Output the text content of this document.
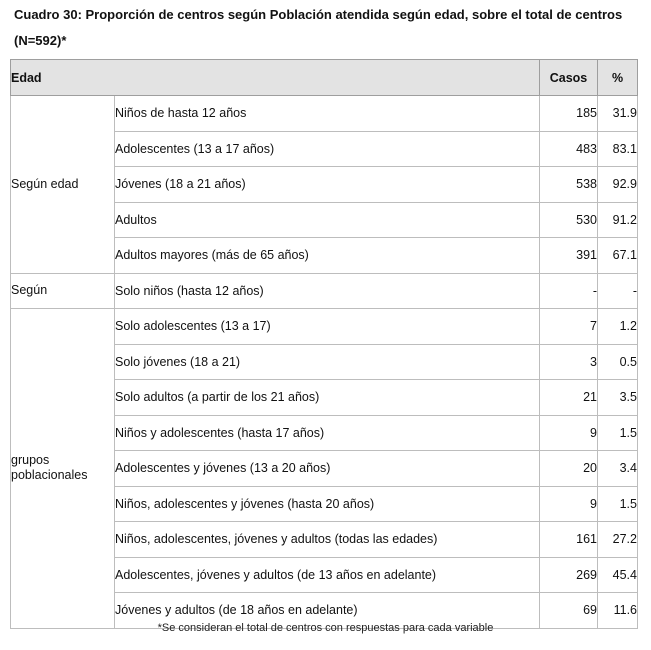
Cuadro 30: Proporción de centros según Población atendida según edad, sobre el total de centros (N=592)*
Edad		Casos	%
Según edad	Niños de hasta 12 años	185	31.9
	Adolescentes (13 a 17 años)	483	83.1
	Jóvenes (18 a 21 años)	538	92.9
	Adultos	530	91.2
	Adultos mayores (más de 65 años)	391	67.1
Según	Solo niños (hasta 12 años)	-	-
grupos poblacionales	Solo adolescentes (13 a 17)	7	1.2
	Solo jóvenes (18 a 21)	3	0.5
	Solo adultos (a partir de los 21 años)	21	3.5
	Niños y adolescentes (hasta 17 años)	9	1.5
	Adolescentes y jóvenes (13 a 20 años)	20	3.4
	Niños, adolescentes y jóvenes (hasta 20 años)	9	1.5
	Niños, adolescentes, jóvenes y adultos (todas las edades)	161	27.2
	Adolescentes, jóvenes y adultos (de 13 años en adelante)	269	45.4
	Jóvenes y adultos (de 18 años en adelante)	69	11.6
*Se consideran el total de centros con respuestas para cada variable
